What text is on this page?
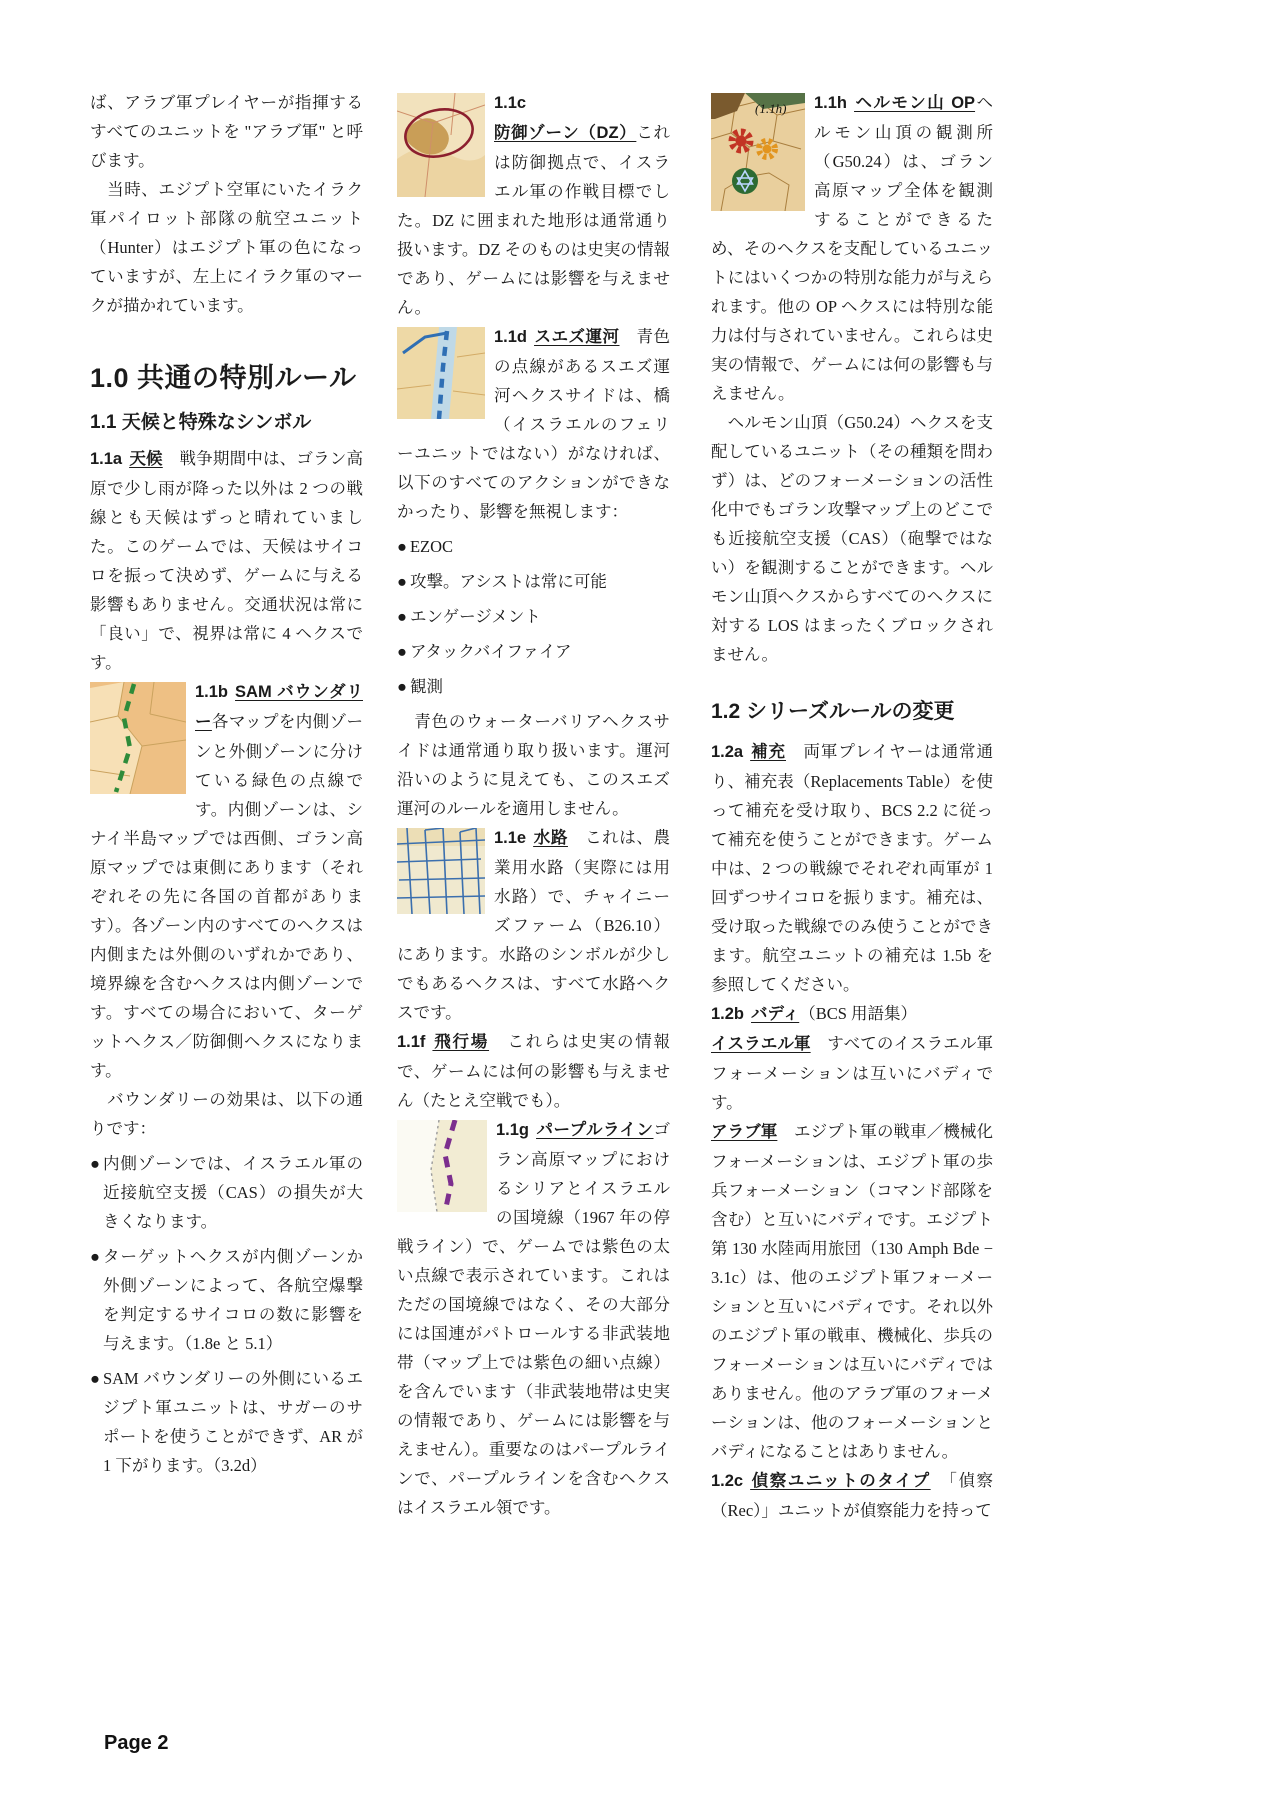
ば、アラブ軍プレイヤーが指揮するすべてのユニットを "アラブ軍" と呼びます。

　当時、エジプト空軍にいたイラク軍パイロット部隊の航空ユニット（Hunter）はエジプト軍の色になっていますが、左上にイラク軍のマークが描かれています。

1.0 共通の特別ルール
1.1 天候と特殊なシンボル

1.1a 天候　戦争期間中は、ゴラン高原で少し雨が降った以外は 2 つの戦線とも天候はずっと晴れていました。このゲームでは、天候はサイコロを振って決めず、ゲームに与える影響もありません。交通状況は常に「良い」で、視界は常に 4 ヘクスです。

1.1b SAM バウンダリー各マップを内側ゾーンと外側ゾーンに分けている緑色の点線です。内側ゾーンは、シナイ半島マップでは西側、ゴラン高原マップでは東側にあります（それぞれその先に各国の首都があります）。各ゾーン内のすべてのヘクスは内側または外側のいずれかであり、境界線を含むヘクスは内側ゾーンです。すべての場合において、ターゲットヘクス／防御側ヘクスになります。

　バウンダリーの効果は、以下の通りです：

● 内側ゾーンでは、イスラエル軍の近接航空支援（CAS）の損失が大きくなります。
● ターゲットヘクスが内側ゾーンか外側ゾーンによって、各航空爆撃を判定するサイコロの数に影響を与えます。（1.8e と 5.1）
● SAM バウンダリーの外側にいるエジプト軍ユニットは、サガーのサポートを使うことができず、AR が 1 下がります。（3.2d）

1.1c防御ゾーン（DZ）これは防御拠点で、イスラエル軍の作戦目標でした。DZ に囲まれた地形は通常通り扱います。DZ そのものは史実の情報であり、ゲームには影響を与えません。

1.1d スエズ運河　青色の点線があるスエズ運河ヘクスサイドは、橋（イスラエルのフェリーユニットではない）がなければ、以下のすべてのアクションができなかったり、影響を無視します：

● EZOC
● 攻撃。アシストは常に可能
● エンゲージメント
● アタックバイファイア
● 観測

　青色のウォーターバリアヘクスサイドは通常通り取り扱います。運河沿いのように見えても、このスエズ運河のルールを適用しません。

1.1e 水路　これは、農業用水路（実際には用水路）で、チャイニーズファーム（B26.10）にあります。水路のシンボルが少しでもあるヘクスは、すべて水路ヘクスです。

1.1f 飛行場　これらは史実の情報で、ゲームには何の影響も与えません（たとえ空戦でも）。

1.1g パープルラインゴラン高原マップにおけるシリアとイスラエルの国境線（1967 年の停戦ライン）で、ゲームでは紫色の太い点線で表示されています。これはただの国境線ではなく、その大部分には国連がパトロールする非武装地帯（マップ上では紫色の細い点線）を含んでいます（非武装地帯は史実の情報であり、ゲームには影響を与えません）。重要なのはパープルラインで、パープルラインを含むヘクスはイスラエル領です。

(1.1h) 1.1h ヘルモン山 OPヘルモン山頂の観測所（G50.24）は、ゴラン高原マップ全体を観測することができるため、そのヘクスを支配しているユニットにはいくつかの特別な能力が与えられます。他の OP ヘクスには特別な能力は付与されていません。これらは史実の情報で、ゲームには何の影響も与えません。

　ヘルモン山頂（G50.24）ヘクスを支配しているユニット（その種類を問わず）は、どのフォーメーションの活性化中でもゴラン攻撃マップ上のどこでも近接航空支援（CAS）（砲撃ではない）を観測することができます。ヘルモン山頂ヘクスからすべてのヘクスに対する LOS はまったくブロックされません。

1.2 シリーズルールの変更

1.2a 補充　両軍プレイヤーは通常通り、補充表（Replacements Table）を使って補充を受け取り、BCS 2.2 に従って補充を使うことができます。ゲーム中は、2 つの戦線でそれぞれ両軍が 1 回ずつサイコロを振ります。補充は、受け取った戦線でのみ使うことができます。航空ユニットの補充は 1.5b を参照してください。

1.2b バディ（BCS 用語集）

イスラエル軍　すべてのイスラエル軍フォーメーションは互いにバディです。

アラブ軍　エジプト軍の戦車／機械化フォーメーションは、エジプト軍の歩兵フォーメーション（コマンド部隊を含む）と互いにバディです。エジプト第 130 水陸両用旅団（130 Amph Bde − 3.1c）は、他のエジプト軍フォーメーションと互いにバディです。それ以外のエジプト軍の戦車、機械化、歩兵のフォーメーションは互いにバディではありません。他のアラブ軍のフォーメーションは、他のフォーメーションとバディになることはありません。

1.2c 偵察ユニットのタイプ　「偵察（Rec）」ユニットが偵察能力を持って

Page 2
